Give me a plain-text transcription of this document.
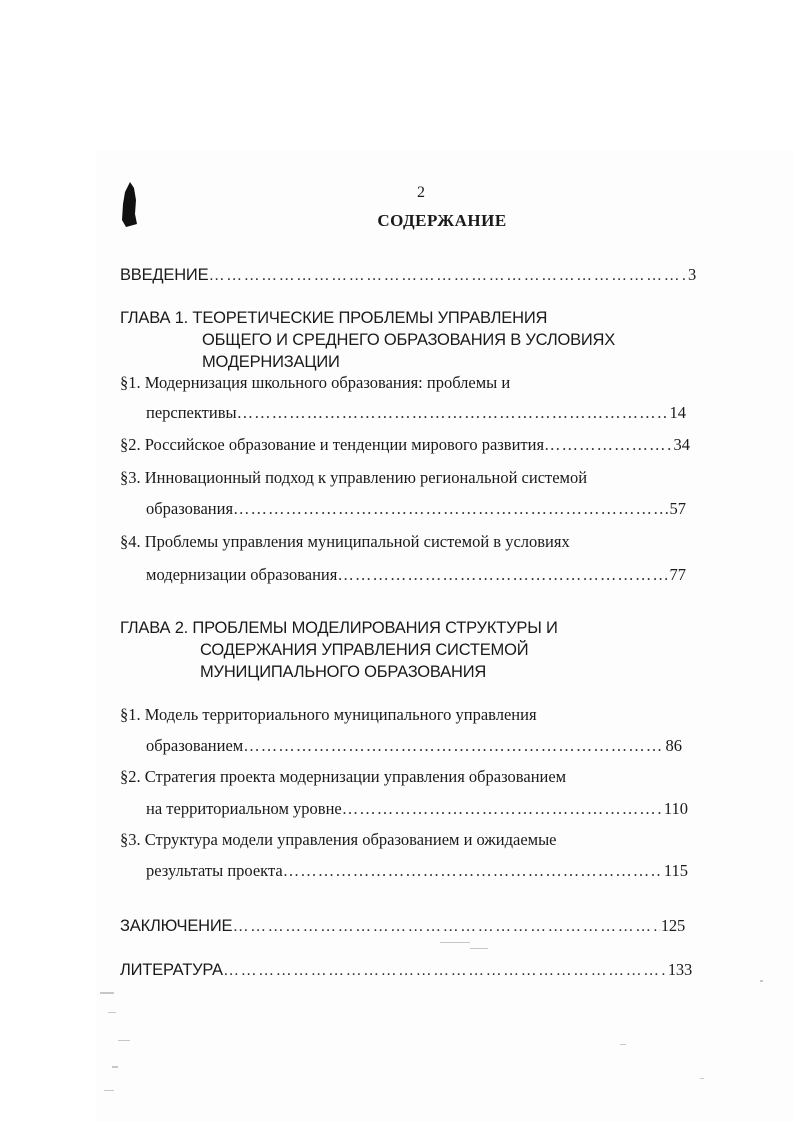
2
СОДЕРЖАНИЕ
ВВЕДЕНИЕ ……………………………………………………………………………………………………………………………………………………………………………………………	3
ГЛАВА 1. ТЕОРЕТИЧЕСКИЕ ПРОБЛЕМЫ УПРАВЛЕНИЯ
ОБЩЕГО И СРЕДНЕГО ОБРАЗОВАНИЯ В УСЛОВИЯХ
МОДЕРНИЗАЦИИ
§1. Модернизация школьного образования: проблемы и
перспективы ……………………………………………………………………………………………………………………………………………………………………………………………	14
§2. Российское образование и тенденции мирового развития ……………………………………………………………………………………………………………………………………………………………………………………………	34
§3. Инновационный подход к управлению региональной системой
образования ……………………………………………………………………………………………………………………………………………………………………………………………	57
§4. Проблемы управления муниципальной системой в условиях
модернизации образования ……………………………………………………………………………………………………………………………………………………………………………………………	77
ГЛАВА 2. ПРОБЛЕМЫ МОДЕЛИРОВАНИЯ СТРУКТУРЫ И
СОДЕРЖАНИЯ УПРАВЛЕНИЯ СИСТЕМОЙ
МУНИЦИПАЛЬНОГО ОБРАЗОВАНИЯ
§1. Модель территориального муниципального управления
образованием ……………………………………………………………………………………………………………………………………………………………………………………………	86
§2. Стратегия проекта модернизации управления образованием
на территориальном уровне ……………………………………………………………………………………………………………………………………………………………………………………………	110
§3. Структура модели управления образованием и ожидаемые
результаты проекта ……………………………………………………………………………………………………………………………………………………………………………………………	115
ЗАКЛЮЧЕНИЕ ……………………………………………………………………………………………………………………………………………………………………………………………	125
ЛИТЕРАТУРА ……………………………………………………………………………………………………………………………………………………………………………………………	133
